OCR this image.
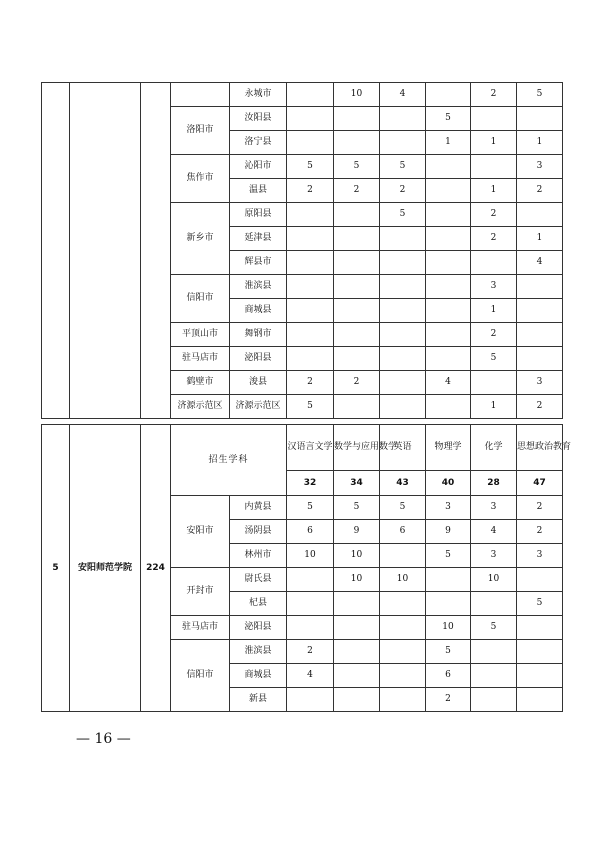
				永城市		10	4		2	5
			洛阳市	汝阳县				5		
				洛宁县				1	1	1
			焦作市	沁阳市	5	5	5			3
				温县	2	2	2		1	2
			新乡市	原阳县			5		2	
				延津县					2	1
				辉县市						4
			信阳市	淮滨县					3	
				商城县					1	
			平顶山市	舞钢市					2	
			驻马店市	泌阳县					5	
			鹤壁市	浚县	2	2		4		3
			济源示范区	济源示范区	5				1	2
5	安阳师范学院	224	招生学科		汉语言文学	数学与应用数学	英语	物理学	化学	思想政治教育
					32	34	43	40	28	47
			安阳市	内黄县	5	5	5	3	3	2
				汤阴县	6	9	6	9	4	2
				林州市	10	10		5	3	3
			开封市	尉氏县		10	10		10	
				杞县						5
			驻马店市	泌阳县				10	5	
			信阳市	淮滨县	2			5		
				商城县	4			6		
				新县				2		
— 16 —
